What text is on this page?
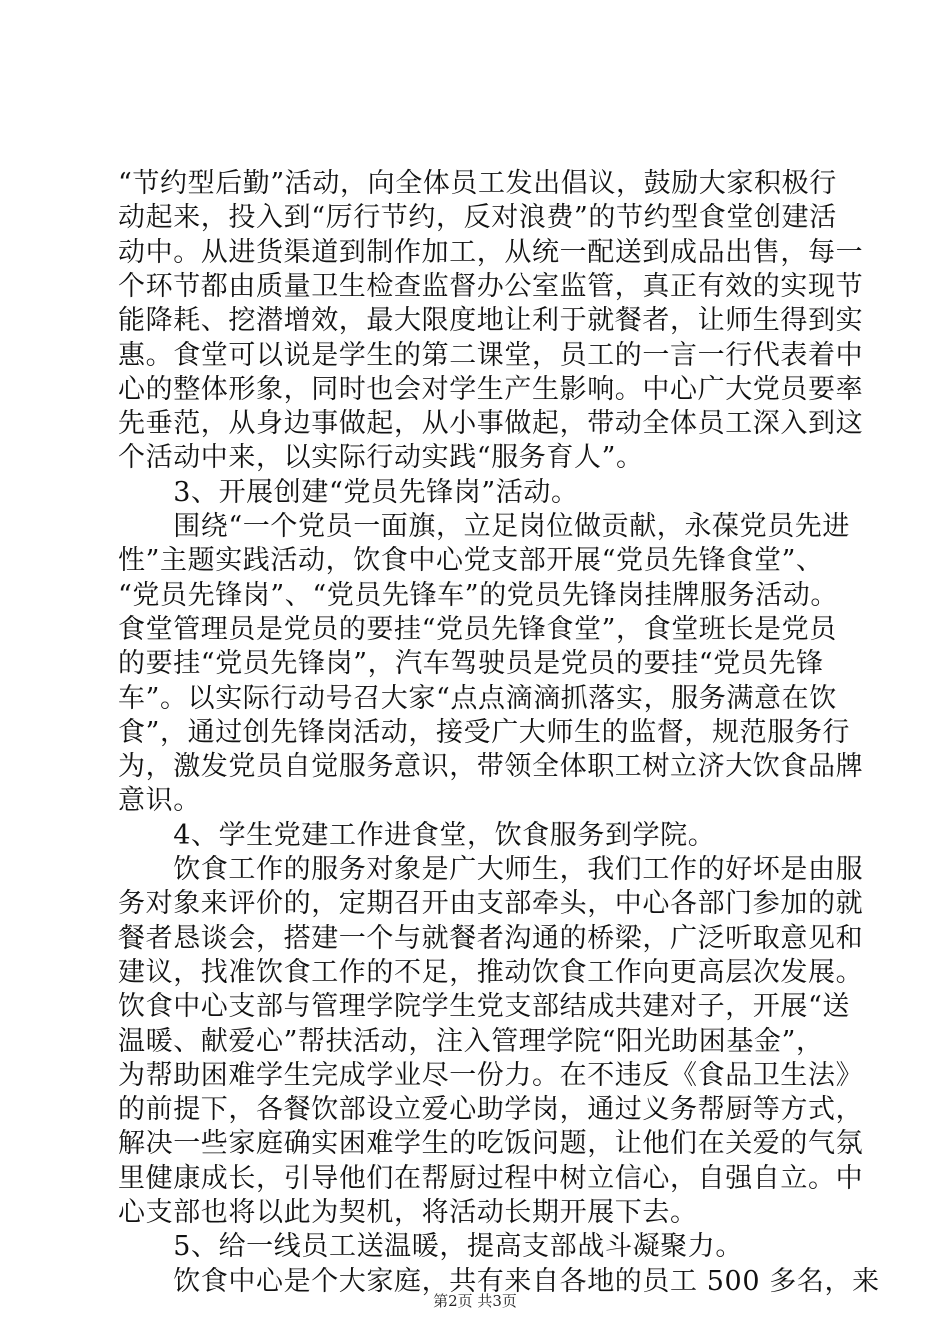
“节约型后勤”活动，向全体员工发出倡议，鼓励大家积极行
动起来，投入到“厉行节约，反对浪费”的节约型食堂创建活
动中。从进货渠道到制作加工，从统一配送到成品出售，每一
个环节都由质量卫生检查监督办公室监管，真正有效的实现节
能降耗、挖潜增效，最大限度地让利于就餐者，让师生得到实
惠。食堂可以说是学生的第二课堂，员工的一言一行代表着中
心的整体形象，同时也会对学生产生影响。中心广大党员要率
先垂范，从身边事做起，从小事做起，带动全体员工深入到这
个活动中来，以实际行动实践“服务育人”。
　　3、开展创建“党员先锋岗”活动。
　　围绕“一个党员一面旗，立足岗位做贡献，永葆党员先进
性”主题实践活动，饮食中心党支部开展“党员先锋食堂”、
“党员先锋岗”、“党员先锋车”的党员先锋岗挂牌服务活动。
食堂管理员是党员的要挂“党员先锋食堂”，食堂班长是党员
的要挂“党员先锋岗”，汽车驾驶员是党员的要挂“党员先锋
车”。以实际行动号召大家“点点滴滴抓落实，服务满意在饮
食”，通过创先锋岗活动，接受广大师生的监督，规范服务行
为，激发党员自觉服务意识，带领全体职工树立济大饮食品牌
意识。
　　4、学生党建工作进食堂，饮食服务到学院。
　　饮食工作的服务对象是广大师生，我们工作的好坏是由服
务对象来评价的，定期召开由支部牵头，中心各部门参加的就
餐者恳谈会，搭建一个与就餐者沟通的桥梁，广泛听取意见和
建议，找准饮食工作的不足，推动饮食工作向更高层次发展。
饮食中心支部与管理学院学生党支部结成共建对子，开展“送
温暖、献爱心”帮扶活动，注入管理学院“阳光助困基金”，
为帮助困难学生完成学业尽一份力。在不违反《食品卫生法》
的前提下，各餐饮部设立爱心助学岗，通过义务帮厨等方式，
解决一些家庭确实困难学生的吃饭问题，让他们在关爱的气氛
里健康成长，引导他们在帮厨过程中树立信心，自强自立。中
心支部也将以此为契机，将活动长期开展下去。
　　5、给一线员工送温暖，提高支部战斗凝聚力。
　　饮食中心是个大家庭，共有来自各地的员工 500 多名，来
第2页 共3页
